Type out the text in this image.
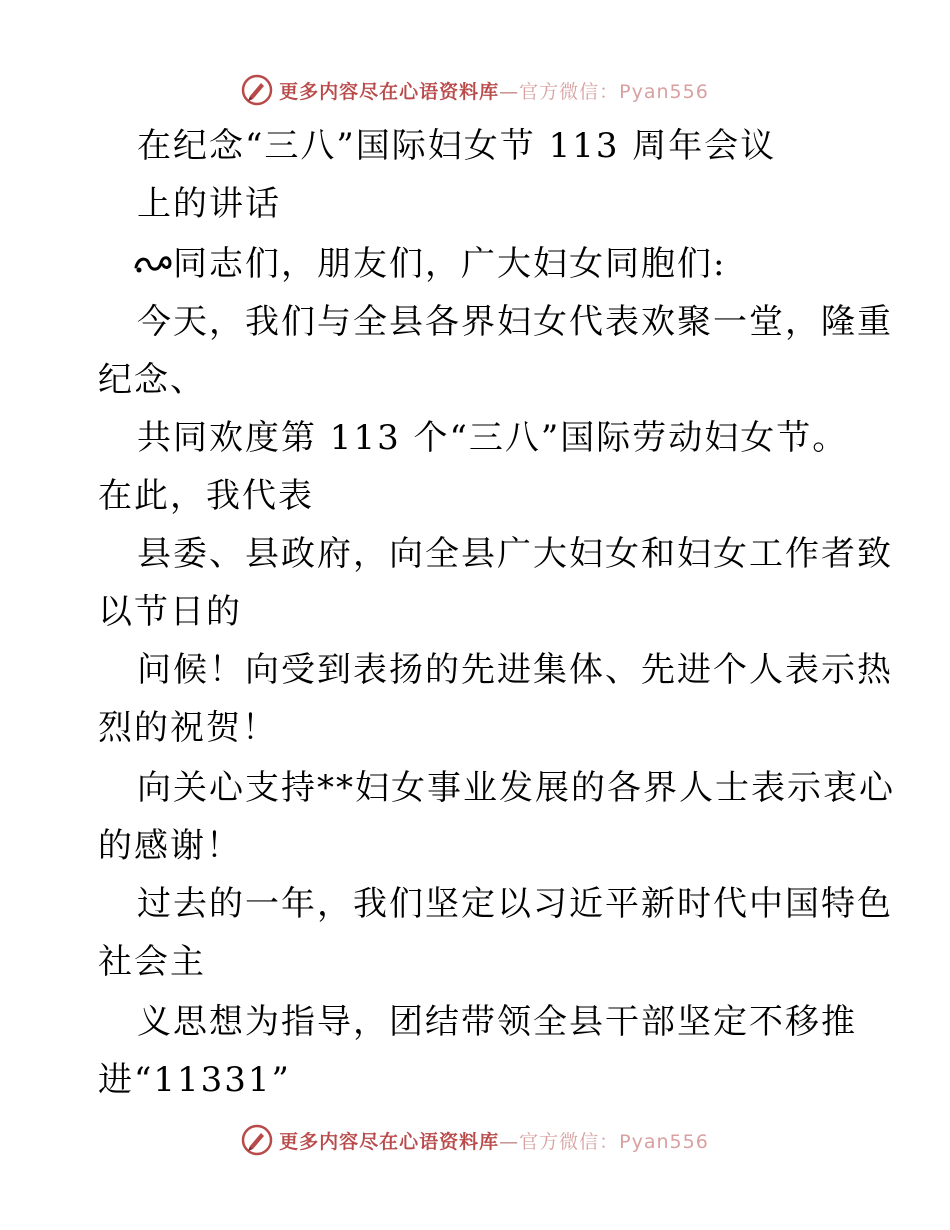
更多内容尽在心语资料库—官方微信：Pyan556
在纪念“三八”国际妇女节 113 周年会议
上的讲话
同志们，朋友们，广大妇女同胞们:
今天，我们与全县各界妇女代表欢聚一堂，隆重
纪念、
共同欢度第 113 个“三八”国际劳动妇女节。
在此，我代表
县委、县政府，向全县广大妇女和妇女工作者致
以节日的
问候！向受到表扬的先进集体、先进个人表示热
烈的祝贺！
向关心支持**妇女事业发展的各界人士表示衷心
的感谢！
过去的一年，我们坚定以习近平新时代中国特色
社会主
义思想为指导，团结带领全县干部坚定不移推
进“11331”
更多内容尽在心语资料库—官方微信：Pyan556
